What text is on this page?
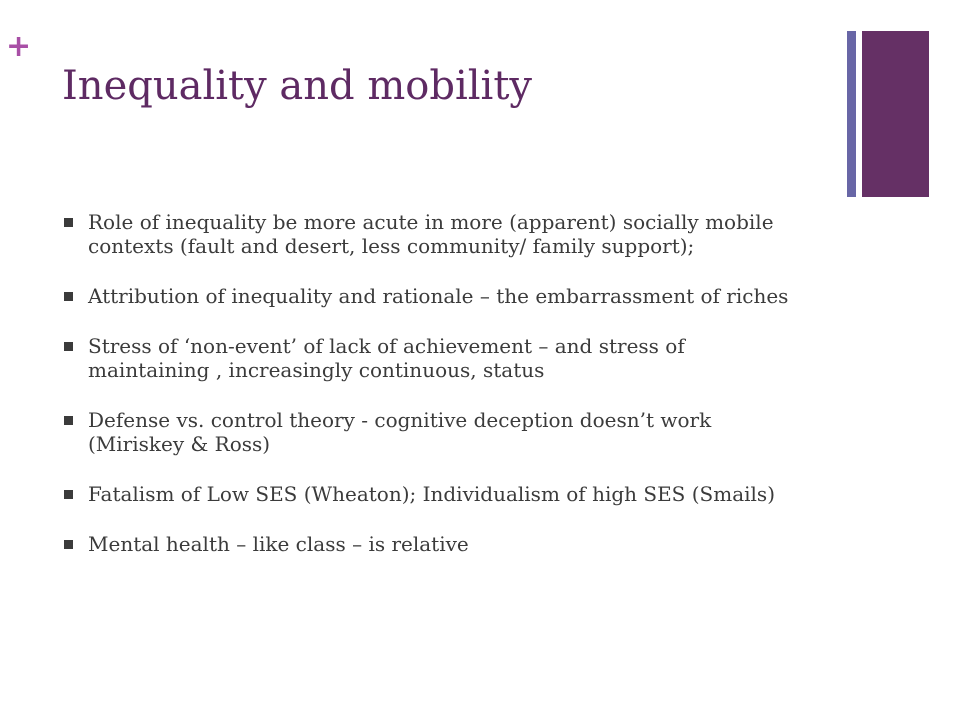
+
Inequality and mobility
Role of inequality be more acute in more (apparent) socially mobile contexts (fault and desert, less community/ family support);
Attribution of inequality and rationale – the embarrassment of riches
Stress of ‘non-event’ of lack of achievement – and stress of maintaining , increasingly continuous, status
Defense vs. control theory - cognitive deception doesn’t work (Miriskey & Ross)
Fatalism of Low SES (Wheaton); Individualism of high SES (Smails)
Mental health – like class – is relative
